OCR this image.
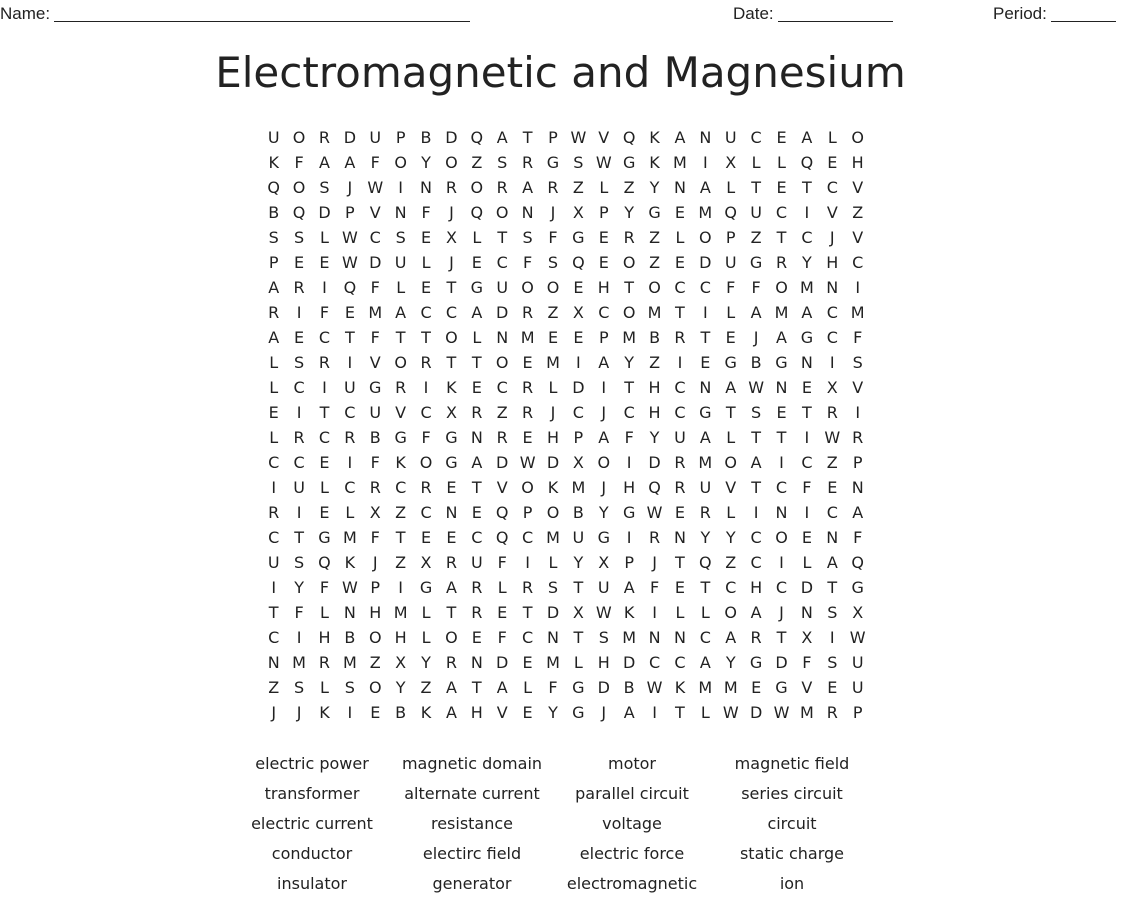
Name:	Date:	Period:
Electromagnetic and Magnesium
U O R D U P B D Q A T P W V Q K A N U C E A L O
K F A A F O Y O Z S R G S W G K M	I	X L	L Q E H
Q O S	J W I	N R O R A R Z L Z Y N A L	T E T C V
B Q D P V N F	J	Q O N	J	X P Y G E M Q U C	I	V Z
S S L W C S E X L	T S F G E R Z L O P Z T C	J	V
P E E W D U L	J	E C F S Q E O Z E D U G R Y H C
A R	I	Q F	L E T G U O O E H T O C C F	F O M N	I
R	I	F E M A C C A D R Z X C O M T	I	L A M A C M
A E C T F T T O L N M E E P M B R T E	J	A G C F
L S R	I	V O R T T O E M	I	A Y Z	I	E G B G N	I	S
L C	I	U G R	I	K E C R L D	I	T H C N A W N E X V
E	I	T C U V C X R Z R	J	C	J	C H C G T S E T R	I
L R C R B G F G N R E H P A F Y U A L	T T	I W R
C C E	I	F K O G A D W D X O	I	D R M O A	I	C Z P
I	U L C R C R E T V O K M	J	H Q R U V T C F E N
R	I	E L X Z C N E Q P O B Y G W E R L	I	N	I	C A
C T G M F T E E C Q C M U G	I	R N Y Y C O E N F
U S Q K	J	Z X R U F	I	L	Y X P	J	T Q Z C	I	L A Q
I	Y F W P	I	G A R L R S T U A F E T C H C D T G
T F	L N H M L	T R E T D X W K	I	L	L O A	J	N S X
C	I	H B O H L O E F C N T S M N N C A R T X	I W
N M R M Z X Y R N D E M L H D C C A Y G D F S U
Z S L S O Y Z A T A L	F G D B W K M M E G V E U
J	J	K	I	E B K A H V E Y G	J	A	I	T	L W D W M R P
electric power	magnetic domain	motor	magnetic field
transformer	alternate current	parallel circuit	series circuit
electric current	resistance	voltage	circuit
conductor	electirc field	electric force	static charge
insulator	generator	electromagnetic	ion
